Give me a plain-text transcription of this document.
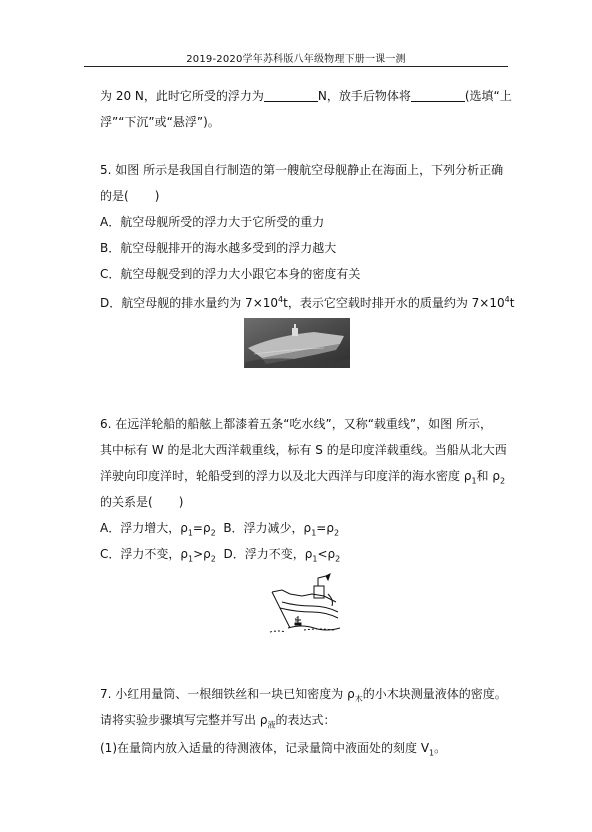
2019-2020学年苏科版八年级物理下册一课一测
为 20 N，此时它所受的浮力为	N，放手后物体将	(选填“上
浮”“下沉”或“悬浮”)。
5. 如图 所示是我国自行制造的第一艘航空母舰静止在海面上，下列分析正确
的是( )
A．航空母舰所受的浮力大于它所受的重力
B．航空母舰排开的海水越多受到的浮力越大
C．航空母舰受到的浮力大小跟它本身的密度有关
D．航空母舰的排水量约为 $7\times 10^4t$，表示它空载时排开水的质量约为 $7\times 10^4t$
6. 在远洋轮船的船舷上都漆着五条“吃水线”，又称“载重线”，如图 所示，
其中标有 W 的是北大西洋载重线，标有 S 的是印度洋载重线。当船从北大西
洋驶向印度洋时，轮船受到的浮力以及北大西洋与印度洋的海水密度 $\rho_1$和 $\rho_2$
的关系是( )
A．浮力增大，$\rho_1=\rho_2$ B．浮力减少，$\rho_1=\rho_2$
C．浮力不变，$\rho_1>\rho_2$ D．浮力不变，$\rho_1<\rho_2$
S
7. 小红用量筒、一根细铁丝和一块已知密度为 $\rho_木$的小木块测量液体的密度。
请将实验步骤填写完整并写出 $\rho_液$的表达式：
(1)在量筒内放入适量的待测液体，记录量筒中液面处的刻度 $V_1$。
